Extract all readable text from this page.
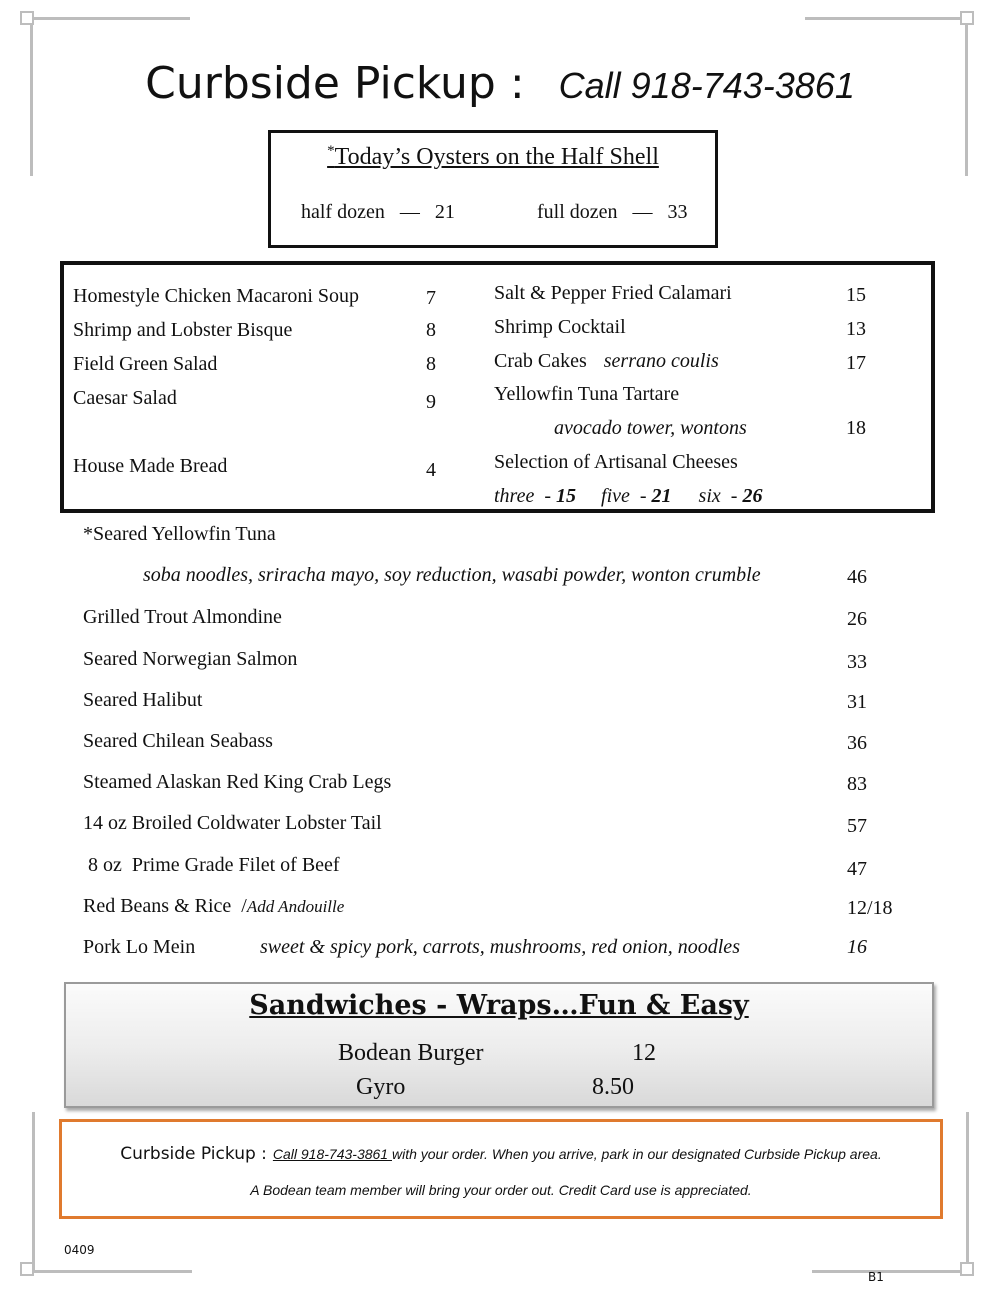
Curbside Pickup : Call 918-743-3861
*Today’s Oysters on the Half Shell
half dozen   —   21	full dozen   —   33
Homestyle Chicken Macaroni Soup	7
Shrimp and Lobster Bisque	8
Field Green Salad	8
Caesar Salad	9
House Made Bread	4
Salt & Pepper Fried Calamari	15
Shrimp Cocktail	13
Crab Cakes serrano coulis	17
Yellowfin Tuna Tartare
avocado tower, wontons	18
Selection of Artisanal Cheeses
three  - 15 five  - 21 six  - 26
*Seared Yellowfin Tuna
soba noodles, sriracha mayo, soy reduction, wasabi powder, wonton crumble	46
Grilled Trout Almondine	26
Seared Norwegian Salmon	33
Seared Halibut	31
Seared Chilean Seabass	36
Steamed Alaskan Red King Crab Legs	83
14 oz Broiled Coldwater Lobster Tail	57
8 oz  Prime Grade Filet of Beef	47
Red Beans & Rice  /Add Andouille	12/18
Pork Lo Mein	sweet & spicy pork, carrots, mushrooms, red onion, noodles	16
Sandwiches - Wraps…Fun & Easy
Bodean Burger	12
Gyro	8.50
Curbside Pickup : Call 918-743-3861 with your order. When you arrive, park in our designated Curbside Pickup area.
A Bodean team member will bring your order out. Credit Card use is appreciated.
0409
B1
